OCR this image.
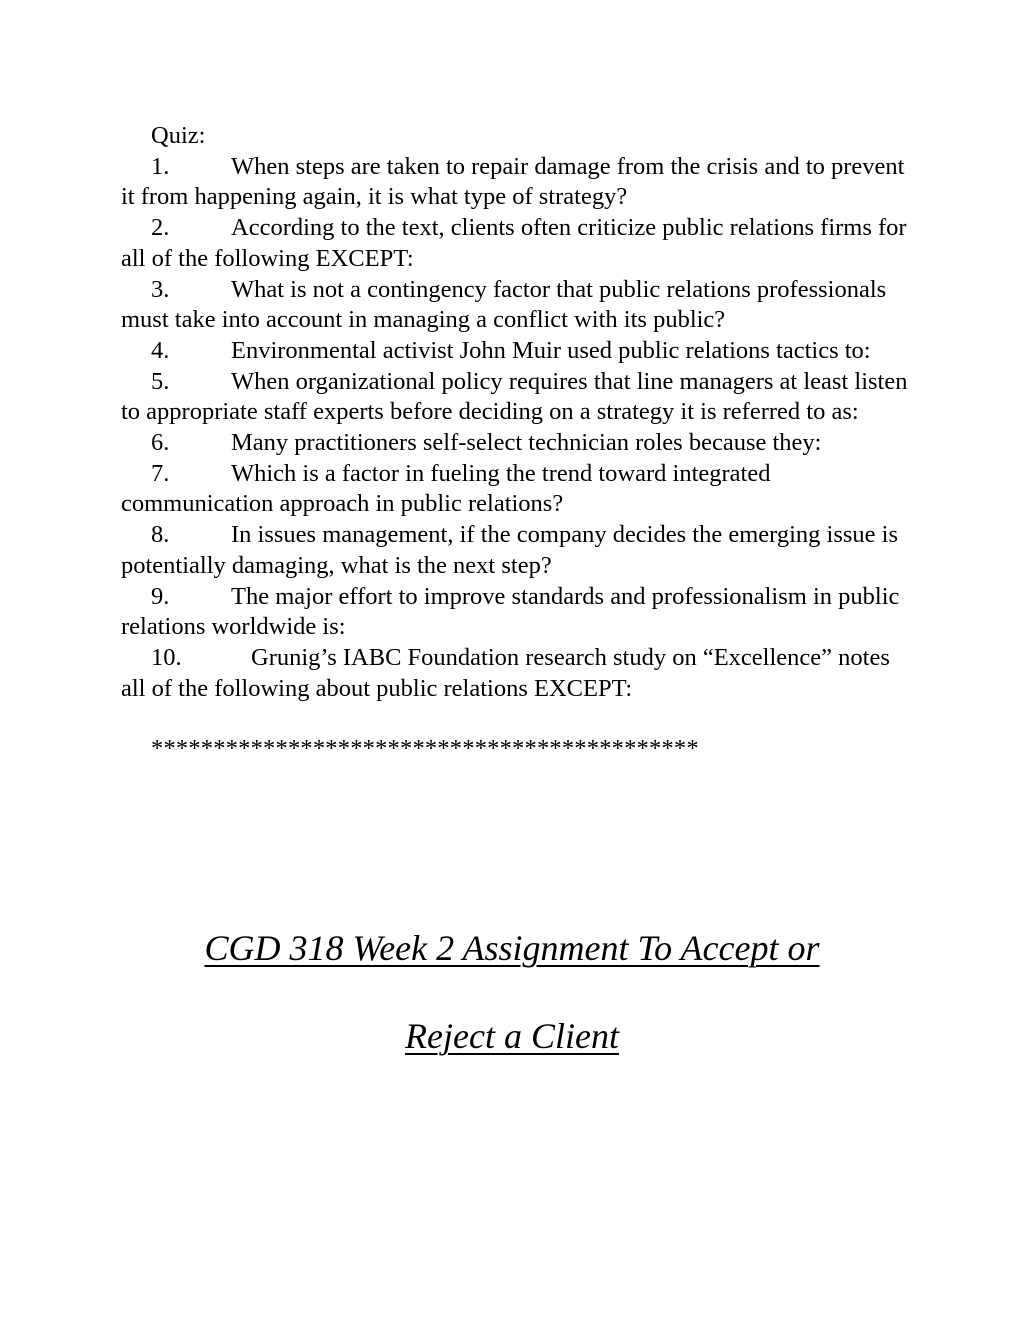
Quiz:

1.	When steps are taken to repair damage from the crisis and to prevent it from happening again, it is what type of strategy?

2.	According to the text, clients often criticize public relations firms for all of the following EXCEPT:

3.	What is not a contingency factor that public relations professionals must take into account in managing a conflict with its public?

4.	Environmental activist John Muir used public relations tactics to:

5.	When organizational policy requires that line managers at least listen to appropriate staff experts before deciding on a strategy it is referred to as:

6.	Many practitioners self-select technician roles because they:

7.	Which is a factor in fueling the trend toward integrated communication approach in public relations?

8.	In issues management, if the company decides the emerging issue is potentially damaging, what is the next step?

9.	The major effort to improve standards and professionalism in public relations worldwide is:

10.	Grunig’s IABC Foundation research study on “Excellence” notes all of the following about public relations EXCEPT:

********************************************

CGD 318 Week 2 Assignment To Accept or
Reject a Client
